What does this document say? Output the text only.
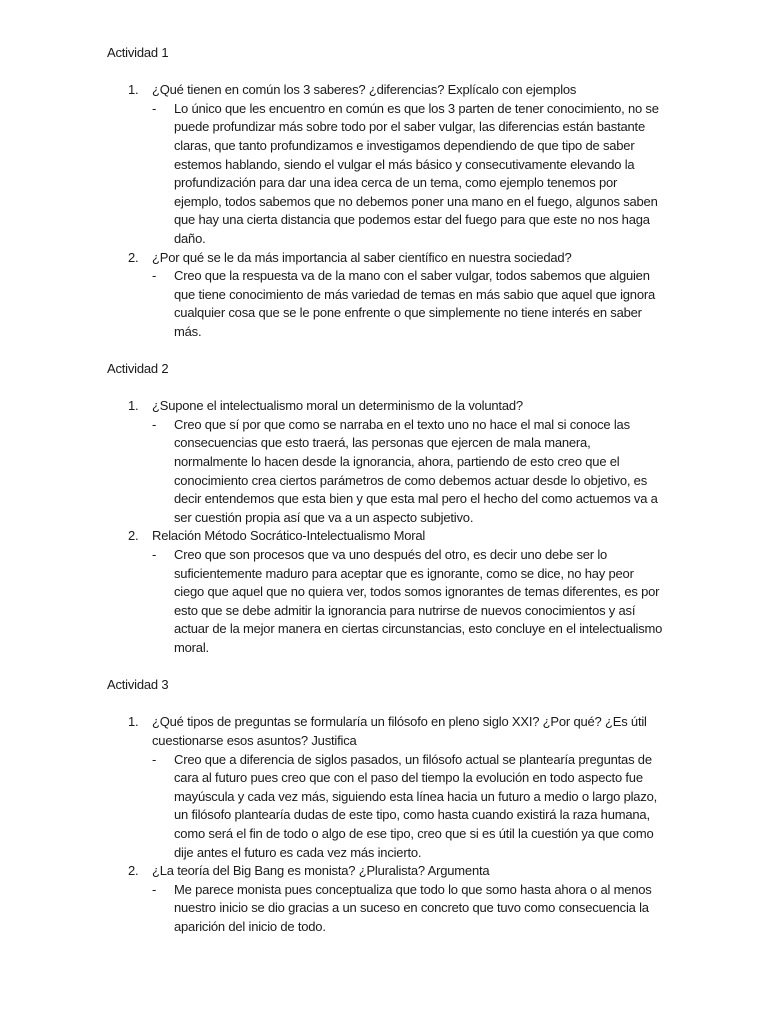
Actividad 1
1. ¿Qué tienen en común los 3 saberes? ¿diferencias? Explícalo con ejemplos
- Lo único que les encuentro en común es que los 3 parten de tener conocimiento, no se puede profundizar más sobre todo por el saber vulgar, las diferencias están bastante claras, que tanto profundizamos e investigamos dependiendo de que tipo de saber estemos hablando, siendo el vulgar el más básico y consecutivamente elevando la profundización para dar una idea cerca de un tema, como ejemplo tenemos por ejemplo, todos sabemos que no debemos poner una mano en el fuego, algunos saben que hay una cierta distancia que podemos estar del fuego para que este no nos haga daño.
2. ¿Por qué se le da más importancia al saber científico en nuestra sociedad?
- Creo que la respuesta va de la mano con el saber vulgar, todos sabemos que alguien que tiene conocimiento de más variedad de temas en más sabio que aquel que ignora cualquier cosa que se le pone enfrente o que simplemente no tiene interés en saber más.
Actividad 2
1. ¿Supone el intelectualismo moral un determinismo de la voluntad?
- Creo que sí por que como se narraba en el texto uno no hace el mal si conoce las consecuencias que esto traerá, las personas que ejercen de mala manera, normalmente lo hacen desde la ignorancia, ahora, partiendo de esto creo que el conocimiento crea ciertos parámetros de como debemos actuar desde lo objetivo, es decir entendemos que esta bien y que esta mal pero el hecho del como actuemos va a ser cuestión propia así que va a un aspecto subjetivo.
2. Relación Método Socrático-Intelectualismo Moral
- Creo que son procesos que va uno después del otro, es decir uno debe ser lo suficientemente maduro para aceptar que es ignorante, como se dice, no hay peor ciego que aquel que no quiera ver, todos somos ignorantes de temas diferentes, es por esto que se debe admitir la ignorancia para nutrirse de nuevos conocimientos y así actuar de la mejor manera en ciertas circunstancias, esto concluye en el intelectualismo moral.
Actividad 3
1. ¿Qué tipos de preguntas se formularía un filósofo en pleno siglo XXI? ¿Por qué? ¿Es útil cuestionarse esos asuntos? Justifica
- Creo que a diferencia de siglos pasados, un filósofo actual se plantearía preguntas de cara al futuro pues creo que con el paso del tiempo la evolución en todo aspecto fue mayúscula y cada vez más, siguiendo esta línea hacia un futuro a medio o largo plazo, un filósofo plantearía dudas de este tipo, como hasta cuando existirá la raza humana, como será el fin de todo o algo de ese tipo, creo que si es útil la cuestión ya que como dije antes el futuro es cada vez más incierto.
2. ¿La teoría del Big Bang es monista? ¿Pluralista? Argumenta
- Me parece monista pues conceptualiza que todo lo que somo hasta ahora o al menos nuestro inicio se dio gracias a un suceso en concreto que tuvo como consecuencia la aparición del inicio de todo.
